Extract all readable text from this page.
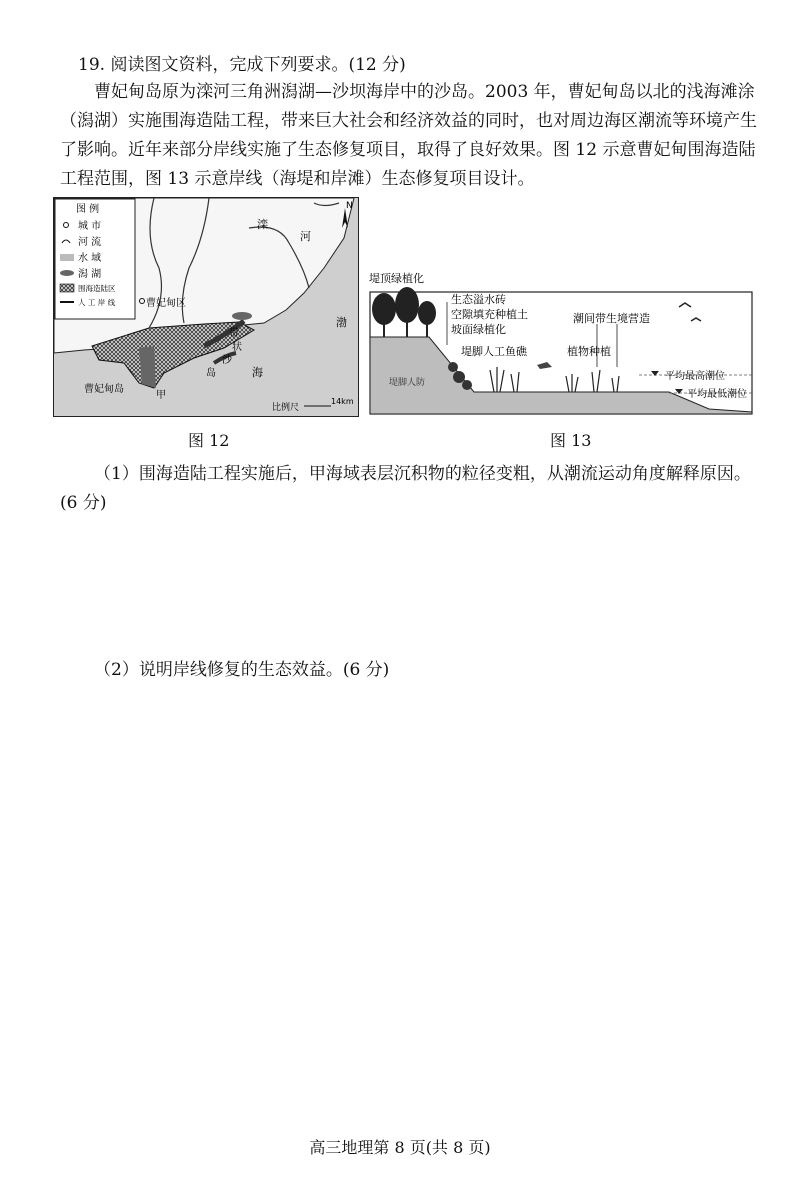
19. 阅读图文资料，完成下列要求。(12 分)
曹妃甸岛原为滦河三角洲潟湖—沙坝海岸中的沙岛。2003 年，曹妃甸岛以北的浅海滩涂（潟湖）实施围海造陆工程，带来巨大社会和经济效益的同时，也对周边海区潮流等环境产生了影响。近年来部分岸线实施了生态修复项目，取得了良好效果。图 12 示意曹妃甸围海造陆工程范围，图 13 示意岸线（海堤和岸滩）生态修复项目设计。
图 例
城 市
河 流
水 域
潟 湖
围海造陆区
人 工 岸 线
滦
河
曹妃甸区
渤
海
曹妃甸岛
甲
带
状
沙
岛
比例尺
14km
N
图 12
堤顶绿植化
生态溢水砖
空隙填充种植土
坡面绿植化
堤脚人工鱼礁
潮间带生境营造
植物种植
平均最高潮位
平均最低潮位
堤脚人防
图 13
（1）围海造陆工程实施后，甲海域表层沉积物的粒径变粗，从潮流运动角度解释原因。(6 分)
（2）说明岸线修复的生态效益。(6 分)
高三地理第 8 页(共 8 页)
